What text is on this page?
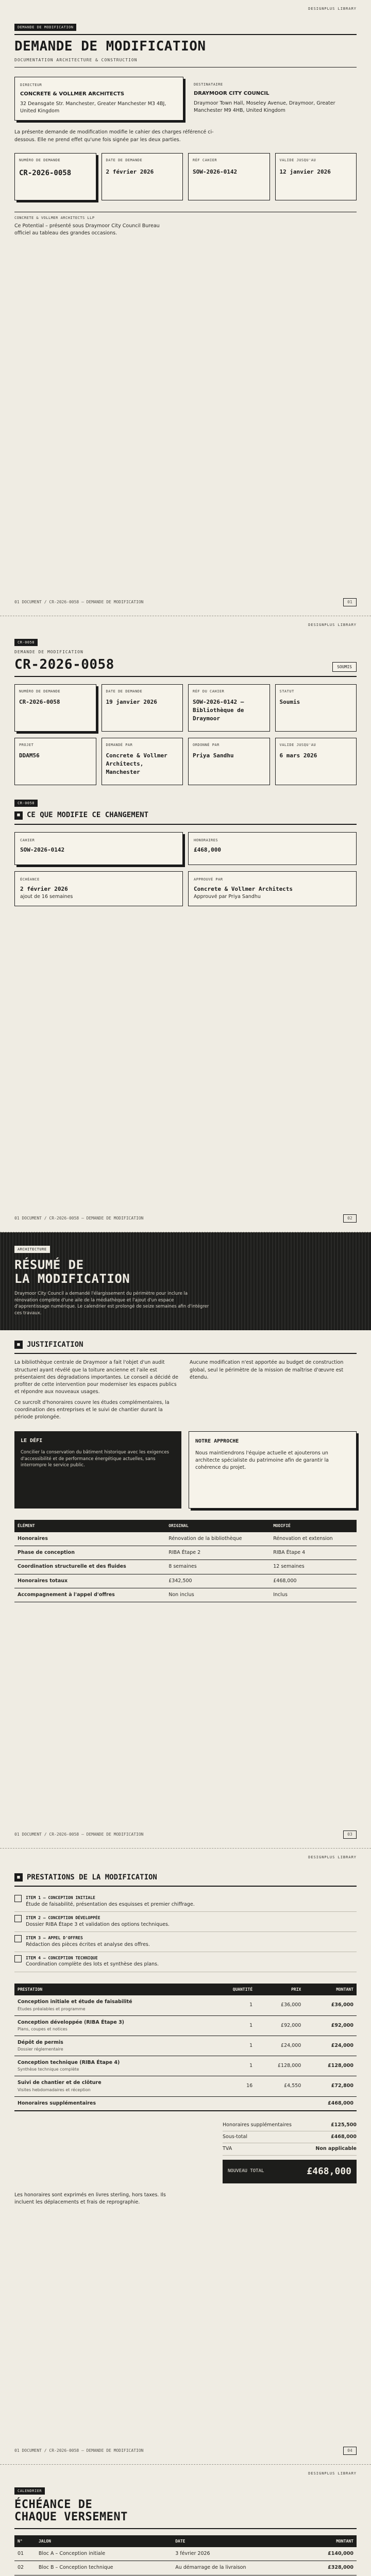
DESIGNPLUS LIBRARY
DEMANDE DE MODIFICATION
DEMANDE DE MODIFICATION
DOCUMENTATION ARCHITECTURE & CONSTRUCTION
DIRECTEUR
CONCRETE & VOLLMER ARCHITECTS
32 Deansgate Str. Manchester, Greater Manchester M3 4BJ, United Kingdom
DESTINATAIRE
DRAYMOOR CITY COUNCIL
Draymoor Town Hall, Moseley Avenue, Draymoor, Greater Manchester M9 4HB, United Kingdom
La présente demande de modification modifie le cahier des charges référencé ci-dessous. Elle ne prend effet qu'une fois signée par les deux parties.
NUMÉRO DE DEMANDE
CR-2026-0058
DATE DE DEMANDE
2 février 2026
RÉF CAHIER
SOW-2026-0142
VALIDE JUSQU'AU
12 janvier 2026
CONCRETE & VOLLMER ARCHITECTS LLP
Ce Potential – présenté sous Draymoor City Council Bureau officiel au tableau des grandes occasions.
01 DOCUMENT / CR-2026-0058 — DEMANDE DE MODIFICATION	01
DESIGNPLUS LIBRARY
CR-0058
DEMANDE DE MODIFICATION
CR-2026-0058	SOUMIS
NUMÉRO DE DEMANDE
CR-2026-0058
DATE DE DEMANDE
19 janvier 2026
RÉF DU CAHIER
SOW-2026-0142 – Bibliothèque de Draymoor
STATUT
Soumis
PROJET
DDAM56
DEMANDÉ PAR
Concrete & Vollmer Architects, Manchester
ORDONNÉ PAR
Priya Sandhu
VALIDE JUSQU'AU
6 mars 2026
CR-0058
■ CE QUE MODIFIE CE CHANGEMENT
CAHIER
SOW-2026-0142
HONORAIRES
£468,000
ÉCHÉANCE
2 février 2026
ajout de 16 semaines
APPROUVÉ PAR
Concrete & Vollmer Architects
Approuvé par Priya Sandhu
01 DOCUMENT / CR-2026-0058 — DEMANDE DE MODIFICATION	02
ARCHITECTURE
RÉSUMÉ DE
LA MODIFICATION
Draymoor City Council a demandé l'élargissement du périmètre pour inclure la rénovation complète d'une aile de la médiathèque et l'ajout d'un espace d'apprentissage numérique. Le calendrier est prolongé de seize semaines afin d'intégrer ces travaux.
■ JUSTIFICATION
La bibliothèque centrale de Draymoor a fait l'objet d'un audit structurel ayant révélé que la toiture ancienne et l'aile est présentaient des dégradations importantes. Le conseil a décidé de profiter de cette intervention pour moderniser les espaces publics et répondre aux nouveaux usages.
Ce surcroît d'honoraires couvre les études complémentaires, la coordination des entreprises et le suivi de chantier durant la période prolongée.
Aucune modification n'est apportée au budget de construction global, seul le périmètre de la mission de maîtrise d'œuvre est étendu.
LE DÉFI
Concilier la conservation du bâtiment historique avec les exigences d'accessibilité et de performance énergétique actuelles, sans interrompre le service public.
NOTRE APPROCHE
Nous maintiendrons l'équipe actuelle et ajouterons un architecte spécialiste du patrimoine afin de garantir la cohérence du projet.
ÉLÉMENT	ORIGINAL	MODIFIÉ
Honoraires	Rénovation de la bibliothèque	Rénovation et extension
Phase de conception	RIBA Étape 2	RIBA Étape 4
Coordination structurelle et des fluides	8 semaines	12 semaines
Honoraires totaux	£342,500	£468,000
Accompagnement à l'appel d'offres	Non inclus	Inclus
01 DOCUMENT / CR-2026-0058 — DEMANDE DE MODIFICATION	03
DESIGNPLUS LIBRARY
■ PRESTATIONS DE LA MODIFICATION
ITEM 1 — CONCEPTION INITIALE
Étude de faisabilité, présentation des esquisses et premier chiffrage.
ITEM 2 — CONCEPTION DÉVELOPPÉE
Dossier RIBA Étape 3 et validation des options techniques.
ITEM 3 — APPEL D'OFFRES
Rédaction des pièces écrites et analyse des offres.
ITEM 4 — CONCEPTION TECHNIQUE
Coordination complète des lots et synthèse des plans.
PRESTATION	QUANTITÉ	PRIX	MONTANT
Conception initiale et étude de faisabilité
Études préalables et programme	1	£36,000	£36,000
Conception développée (RIBA Étape 3)
Plans, coupes et notices	1	£92,000	£92,000
Dépôt de permis
Dossier réglementaire	1	£24,000	£24,000
Conception technique (RIBA Étape 4)
Synthèse technique complète	1	£128,000	£128,000
Suivi de chantier et de clôture
Visites hebdomadaires et réception	16	£4,550	£72,800
Honoraires supplémentaires			£468,000
Honoraires supplémentaires	£125,500
Sous-total	£468,000
TVA	Non applicable
NOUVEAU TOTAL	£468,000
Les honoraires sont exprimés en livres sterling, hors taxes. Ils incluent les déplacements et frais de reprographie.
01 DOCUMENT / CR-2026-0058 — DEMANDE DE MODIFICATION	04
DESIGNPLUS LIBRARY
CALENDRIER
ÉCHÉANCE DE
CHAQUE VERSEMENT
N°	JALON	DATE	MONTANT
01	Bloc A – Conception initiale	3 février 2026	£140,000
02	Bloc B – Conception technique	Au démarrage de la livraison	£328,000
